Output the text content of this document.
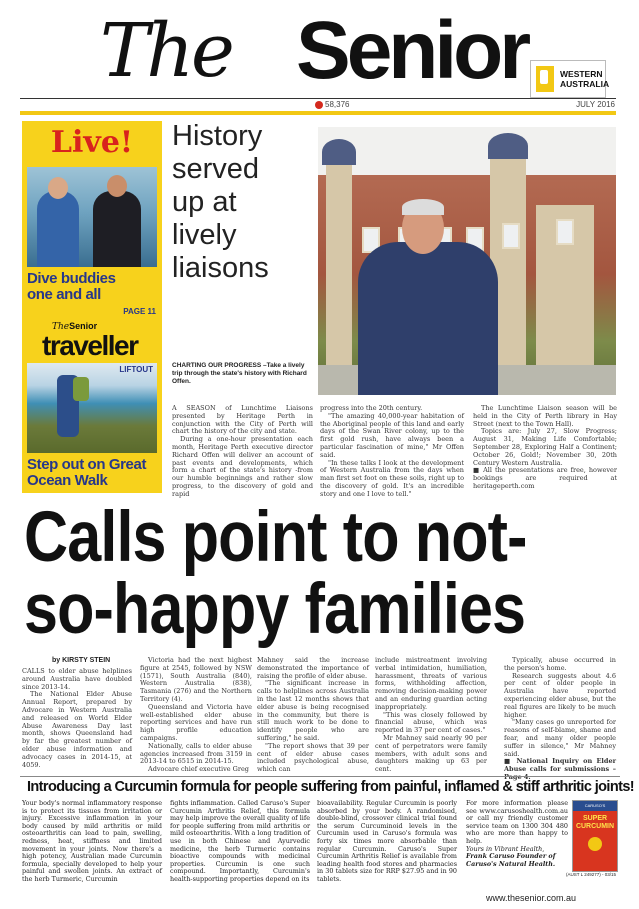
The Senior	WESTERN
AUSTRALIA
58,376	JULY 2016
Live!
Dive buddies one and all
PAGE 11
TheSenior
traveller
LIFTOUT
Step out on Great Ocean Walk
History served up at lively liaisons
CHARTING OUR PROGRESS –Take a lively trip through the state's history with Richard Offen.

A SEASON of Lunchtime Liaisons presented by Heritage Perth in conjunction with the City of Perth will chart the history of the city and state.

During a one-hour presentation each month, Heritage Perth executive director Richard Offen will deliver an account of past events and developments, which form a chart of the state's history -from our humble beginnings and rather slow progress, to the discovery of gold and rapid

progress into the 20th century.

"The amazing 40,000-year habitation of the Aboriginal people of this land and early days of the Swan River colony, up to the first gold rush, have always been a particular fascination of mine," Mr Offen said.

"In these talks I look at the development of Western Australia from the days when man first set foot on these soils, right up to the discovery of gold. It's an incredible story and one I love to tell."

The Lunchtime Liaison season will be held in the City of Perth library in Hay Street (next to the Town Hall).

Topics are: July 27, Slow Progress; August 31, Making Life Comfortable; September 28, Exploring Half a Continent; October 26, Gold!; November 30, 20th Century Western Australia.

■ All the presentations are free, however bookings are required at heritageperth.com

Calls point to not-so-happy families
by KIRSTY STEIN

CALLS to elder abuse helplines around Australia have doubled since 2013-14.

The National Elder Abuse Annual Report, prepared by Advocare in Western Australia and released on World Elder Abuse Awareness Day last month, shows Queensland had by far the greatest number of elder abuse information and advocacy cases in 2014-15, at 4059.

Victoria had the next highest figure at 2545, followed by NSW (1571), South Australia (840), Western Australia (838), Tasmania (276) and the Northern Territory (4).

Queensland and Victoria have well-established elder abuse reporting services and have run high profile education campaigns.

Nationally, calls to elder abuse agencies increased from 3159 in 2013-14 to 6515 in 2014-15.

Advocare chief executive Greg

Mahney said the increase demonstrated the importance of raising the profile of elder abuse.

"The significant increase in calls to helplines across Australia in the last 12 months shows that elder abuse is being recognised in the community, but there is still much work to be done to identify people who are suffering," he said.

"The report shows that 39 per cent of elder abuse cases included psychological abuse, which can

include mistreatment involving verbal intimidation, humiliation, harassment, threats of various forms, withholding affection, removing decision-making power and an enduring guardian acting inappropriately.

"This was closely followed by financial abuse, which was reported in 37 per cent of cases."

Mr Mahney said nearly 90 per cent of perpetrators were family members, with adult sons and daughters making up 63 per cent.

Typically, abuse occurred in the person's home.

Research suggests about 4.6 per cent of older people in Australia have reported experiencing elder abuse, but the real figures are likely to be much higher.

"Many cases go unreported for reasons of self-blame, shame and fear, and many older people suffer in silence," Mr Mahney said.

■ National Inquiry on Elder Abuse calls for submissions –

Introducing a Curcumin formula for people suffering from painful, inflamed & stiff arthritic joints!

Your body's normal inflammatory response is to protect its tissues from irritation or injury. Excessive inflammation in your body caused by mild arthritis or mild osteoarthritis can lead to pain, swelling, redness, heat, stiffness and limited movement in your joints. Now there's a high potency, Australian made Curcumin formula, specially developed to help your painful and swollen joints. An extract of the herb Turmeric, Curcumin

fights inflammation. Called Caruso's Super Curcumin Arthritis Relief, this formula may help improve the overall quality of life for people suffering from mild arthritis or mild osteoarthritis. With a long tradition of use in both Chinese and Ayurvedic medicine, the herb Turmeric contains bioactive compounds with medicinal properties. Curcumin is one such compound. Importantly, Curcumin's health-supporting properties depend on its

bioavailability. Regular Curcumin is poorly absorbed by your body. A randomised, double-blind, crossover clinical trial found the serum Curcuminoid levels in the Curcumin used in Caruso's formula was forty six times more absorbable than regular Curcumin. Caruso's Super Curcumin Arthritis Relief is available from leading health food stores and pharmacies in 30 tablets size for RRP $27.95 and in 90 tablets.

For more information please see www.carusoshealth.com.au or call my friendly customer service team on 1300 304 480 who are more than happy to help.

Yours in Vibrant Health,

Frank Caruso Founder of

Caruso's Natural Health.

CARUSO'S
SUPER CURCUMIN
(AUST L 249277) - 03/15
www.thesenior.com.au
